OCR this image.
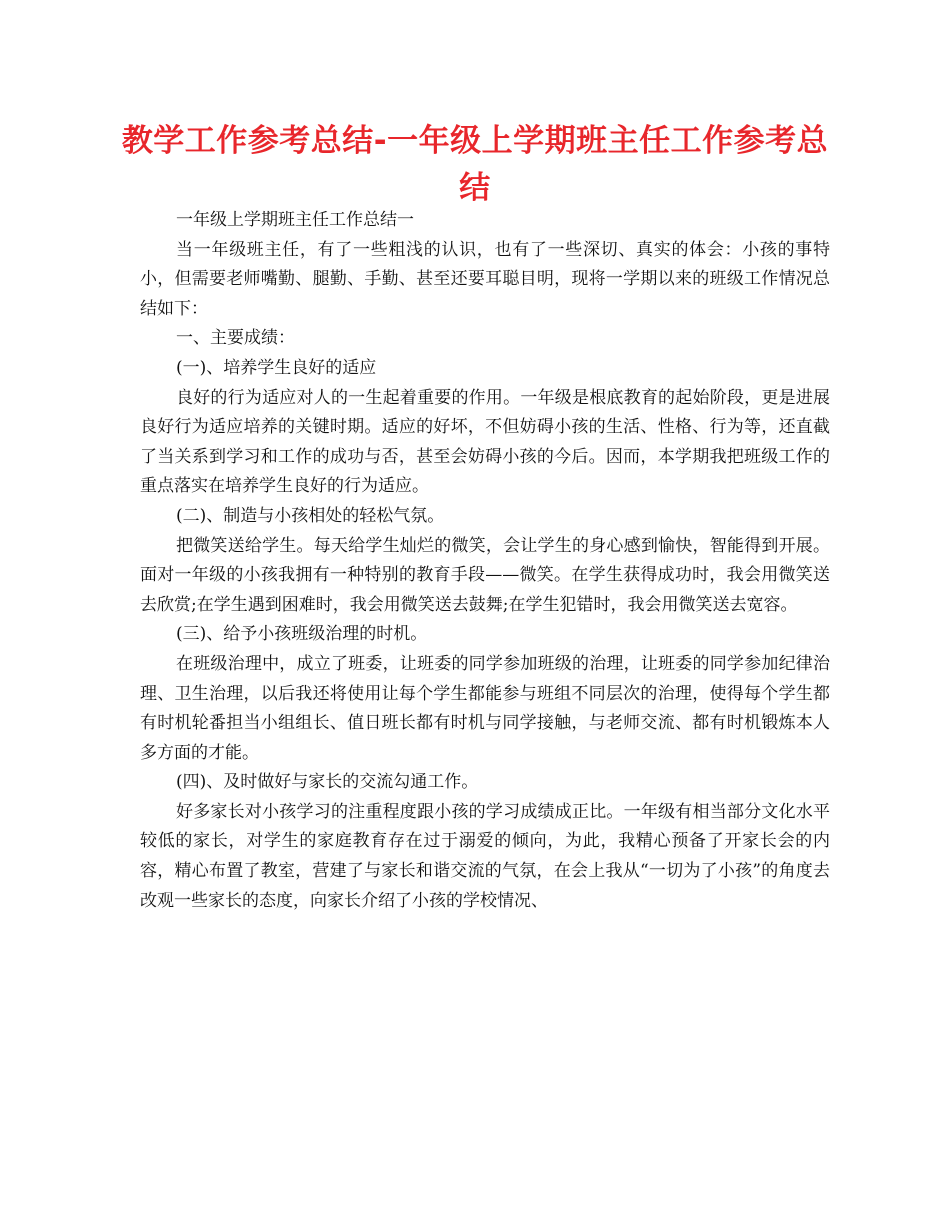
教学工作参考总结-一年级上学期班主任工作参考总结

一年级上学期班主任工作总结一

当一年级班主任，有了一些粗浅的认识，也有了一些深切、真实的体会：小孩的事特小，但需要老师嘴勤、腿勤、手勤、甚至还要耳聪目明，现将一学期以来的班级工作情况总结如下：

一、主要成绩：

(一)、培养学生良好的适应

良好的行为适应对人的一生起着重要的作用。一年级是根底教育的起始阶段，更是进展良好行为适应培养的关键时期。适应的好坏，不但妨碍小孩的生活、性格、行为等，还直截了当关系到学习和工作的成功与否，甚至会妨碍小孩的今后。因而，本学期我把班级工作的重点落实在培养学生良好的行为适应。

(二)、制造与小孩相处的轻松气氛。

把微笑送给学生。每天给学生灿烂的微笑，会让学生的身心感到愉快，智能得到开展。面对一年级的小孩我拥有一种特别的教育手段——微笑。在学生获得成功时，我会用微笑送去欣赏;在学生遇到困难时，我会用微笑送去鼓舞;在学生犯错时，我会用微笑送去宽容。

(三)、给予小孩班级治理的时机。

在班级治理中，成立了班委，让班委的同学参加班级的治理，让班委的同学参加纪律治理、卫生治理，以后我还将使用让每个学生都能参与班组不同层次的治理，使得每个学生都有时机轮番担当小组组长、值日班长都有时机与同学接触，与老师交流、都有时机锻炼本人多方面的才能。

(四)、及时做好与家长的交流勾通工作。

好多家长对小孩学习的注重程度跟小孩的学习成绩成正比。一年级有相当部分文化水平较低的家长，对学生的家庭教育存在过于溺爱的倾向，为此，我精心预备了开家长会的内容，精心布置了教室，营建了与家长和谐交流的气氛，在会上我从“一切为了小孩”的角度去改观一些家长的态度，向家长介绍了小孩的学校情况、
